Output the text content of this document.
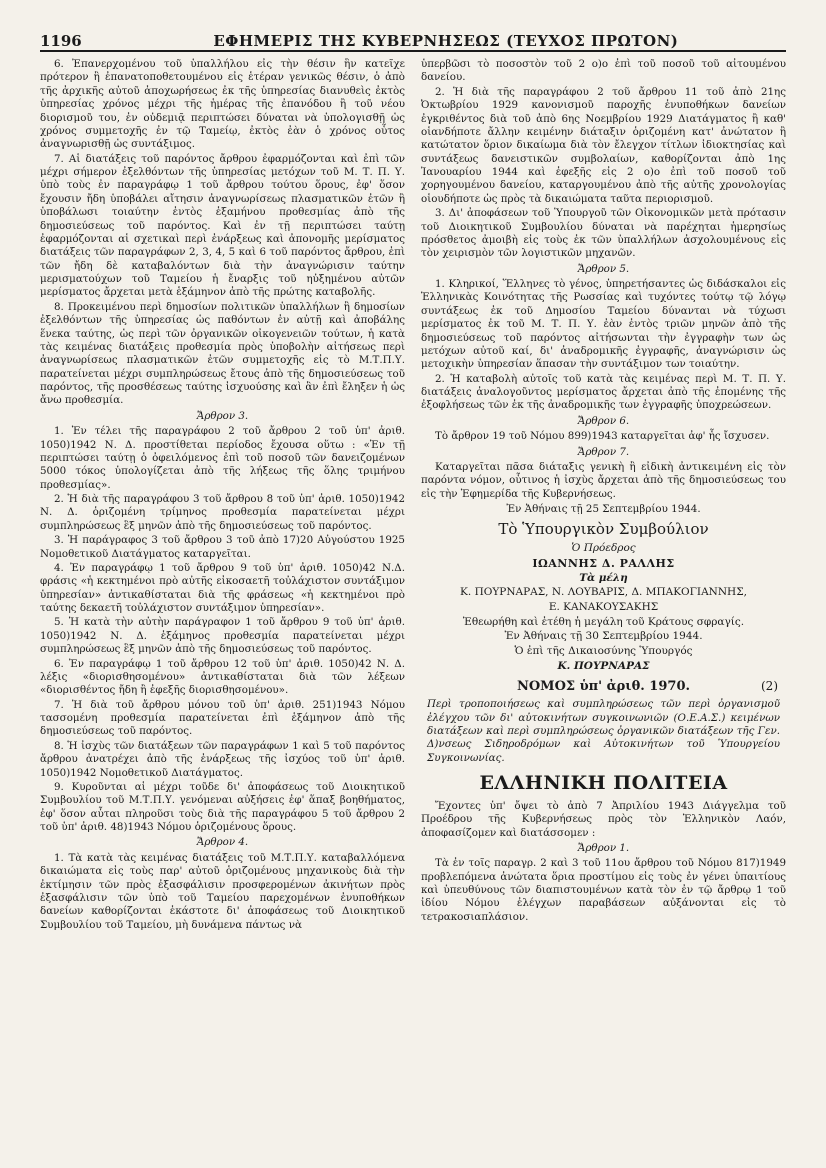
1196	ΕΦΗΜΕΡΙΣ ΤΗΣ ΚΥΒΕΡΝΗΣΕΩΣ (ΤΕΥΧΟΣ ΠΡΩΤΟΝ)

6. Ἐπανερχομένου τοῦ ὑπαλλήλου εἰς τὴν θέσιν ἣν κατεῖχε πρότερον ἢ ἐπανατοποθετουμένου εἰς ἑτέραν γενικῶς θέσιν, ὁ ἀπὸ τῆς ἀρχικῆς αὐτοῦ ἀποχωρήσεως ἐκ τῆς ὑπηρεσίας διανυθεὶς ἐκτὸς ὑπηρεσίας χρόνος μέχρι τῆς ἡμέρας τῆς ἐπανόδου ἢ τοῦ νέου διορισμοῦ του, ἐν οὐδεμιᾷ περιπτώσει δύναται νὰ ὑπολογισθῇ ὡς χρόνος συμμετοχῆς ἐν τῷ Ταμείῳ, ἐκτὸς ἐὰν ὁ χρόνος οὗτος ἀναγνωρισθῇ ὡς συντάξιμος.

7. Αἱ διατάξεις τοῦ παρόντος ἄρθρου ἐφαρμόζονται καὶ ἐπὶ τῶν μέχρι σήμερον ἐξελθόντων τῆς ὑπηρεσίας μετόχων τοῦ Μ. Τ. Π. Υ. ὑπὸ τοὺς ἐν παραγράφῳ 1 τοῦ ἄρθρου τούτου ὅρους, ἐφ' ὅσον ἔχουσιν ἤδη ὑποβάλει αἴτησιν ἀναγνωρίσεως πλασματικῶν ἐτῶν ἢ ὑποβάλωσι τοιαύτην ἐντὸς ἑξαμήνου προθεσμίας ἀπὸ τῆς δημοσιεύσεως τοῦ παρόντος. Καὶ ἐν τῇ περιπτώσει ταύτῃ ἐφαρμόζονται αἱ σχετικαὶ περὶ ἐνάρξεως καὶ ἀπονομῆς μερίσματος διατάξεις τῶν παραγράφων 2, 3, 4, 5 καὶ 6 τοῦ παρόντος ἄρθρου, ἐπὶ τῶν ἤδη δὲ καταβαλόντων διὰ τὴν ἀναγνώρισιν ταύτην μερισματούχων τοῦ Ταμείου ἡ ἔναρξις τοῦ ηὐξημένου αὐτῶν μερίσματος ἄρχεται μετὰ ἑξάμηνον ἀπὸ τῆς πρώτης καταβολῆς.

8. Προκειμένου περὶ δημοσίων πολιτικῶν ὑπαλλήλων ἢ δημοσίων ἐξελθόντων τῆς ὑπηρεσίας ὡς παθόντων ἐν αὐτῇ καὶ ἀποβάλης ἕνεκα ταύτης, ὡς περὶ τῶν ὀργανικῶν οἰκογενειῶν τούτων, ἡ κατὰ τὰς κειμένας διατάξεις προθεσμία πρὸς ὑποβολὴν αἰτήσεως περὶ ἀναγνωρίσεως πλασματικῶν ἐτῶν συμμετοχῆς εἰς τὸ Μ.Τ.Π.Υ. παρατείνεται μέχρι συμπληρώσεως ἔτους ἀπὸ τῆς δημοσιεύσεως τοῦ παρόντος, τῆς προσθέσεως ταύτης ἰσχυούσης καὶ ἂν ἐπὶ ἔληξεν ἡ ὡς ἄνω προθεσμία.

Ἄρθρον 3.

1. Ἐν τέλει τῆς παραγράφου 2 τοῦ ἄρθρου 2 τοῦ ὑπ' ἀριθ. 1050)1942 Ν. Δ. προστίθεται περίοδος ἔχουσα οὕτω : «Ἐν τῇ περιπτώσει ταύτῃ ὁ ὀφειλόμενος ἐπὶ τοῦ ποσοῦ τῶν δανειζομένων 5000 τόκος ὑπολογίζεται ἀπὸ τῆς λήξεως τῆς ὅλης τριμήνου προθεσμίας».

2. Ἡ διὰ τῆς παραγράφου 3 τοῦ ἄρθρου 8 τοῦ ὑπ' ἀριθ. 1050)1942 Ν. Δ. ὁριζομένη τρίμηνος προθεσμία παρατείνεται μέχρι συμπληρώσεως ἓξ μηνῶν ἀπὸ τῆς δημοσιεύσεως τοῦ παρόντος.

3. Ἡ παράγραφος 3 τοῦ ἄρθρου 3 τοῦ ἀπὸ 17)20 Αὐγούστου 1925 Νομοθετικοῦ Διατάγματος καταργεῖται.

4. Ἐν παραγράφῳ 1 τοῦ ἄρθρου 9 τοῦ ὑπ' ἀριθ. 1050)42 Ν.Δ. φράσις «ἡ κεκτημένοι πρὸ αὐτῆς εἰκοσαετῆ τοὐλάχιστον συντάξιμον ὑπηρεσίαν» ἀντικαθίσταται διὰ τῆς φράσεως «ἡ κεκτημένοι πρὸ ταύτης δεκαετῆ τοὐλάχιστον συντάξιμον ὑπηρεσίαν».

5. Ἡ κατὰ τὴν αὐτὴν παράγραφον 1 τοῦ ἄρθρου 9 τοῦ ὑπ' ἀριθ. 1050)1942 Ν. Δ. ἑξάμηνος προθεσμία παρατείνεται μέχρι συμπληρώσεως ἓξ μηνῶν ἀπὸ τῆς δημοσιεύσεως τοῦ παρόντος.

6. Ἐν παραγράφῳ 1 τοῦ ἄρθρου 12 τοῦ ὑπ' ἀριθ. 1050)42 Ν. Δ. λέξις «διορισθησομένου» ἀντικαθίσταται διὰ τῶν λέξεων «διορισθέντος ἤδη ἢ ἐφεξῆς διορισθησομένου».

7. Ἡ διὰ τοῦ ἄρθρου μόνου τοῦ ὑπ' ἀριθ. 251)1943 Νόμου τασσομένη προθεσμία παρατείνεται ἐπὶ ἑξάμηνον ἀπὸ τῆς δημοσιεύσεως τοῦ παρόντος.

8. Ἡ ἰσχὺς τῶν διατάξεων τῶν παραγράφων 1 καὶ 5 τοῦ παρόντος ἄρθρου ἀνατρέχει ἀπὸ τῆς ἐνάρξεως τῆς ἰσχύος τοῦ ὑπ' ἀριθ. 1050)1942 Νομοθετικοῦ Διατάγματος.

9. Κυροῦνται αἱ μέχρι τοῦδε δι' ἀποφάσεως τοῦ Διοικητικοῦ Συμβουλίου τοῦ Μ.Τ.Π.Υ. γενόμεναι αὐξήσεις ἐφ' ἅπαξ βοηθήματος, ἐφ' ὅσον αὗται πληροῦσι τοὺς διὰ τῆς παραγράφου 5 τοῦ ἄρθρου 2 τοῦ ὑπ' ἀριθ. 48)1943 Νόμου ὁριζομένους ὅρους.

Ἄρθρον 4.

1. Τὰ κατὰ τὰς κειμένας διατάξεις τοῦ Μ.Τ.Π.Υ. καταβαλλόμενα δικαιώματα εἰς τοὺς παρ' αὐτοῦ ὁριζομένους μηχανικοὺς διὰ τὴν ἐκτίμησιν τῶν πρὸς ἐξασφάλισιν προσφερομένων ἀκινήτων πρὸς ἐξασφάλισιν τῶν ὑπὸ τοῦ Ταμείου παρεχομένων ἐνυποθήκων δανείων καθορίζονται ἑκάστοτε δι' ἀποφάσεως τοῦ Διοικητικοῦ Συμβουλίου τοῦ Ταμείου, μὴ δυνάμενα πάντως νὰ

ὑπερβῶσι τὸ ποσοστὸν τοῦ 2 ο)ο ἐπὶ τοῦ ποσοῦ τοῦ αἰτουμένου δανείου.

2. Ἡ διὰ τῆς παραγράφου 2 τοῦ ἄρθρου 11 τοῦ ἀπὸ 21ης Ὀκτωβρίου 1929 κανονισμοῦ παροχῆς ἐνυποθήκων δανείων ἐγκριθέντος διὰ τοῦ ἀπὸ 6ης Νοεμβρίου 1929 Διατάγματος ἢ καθ' οἱανδήποτε ἄλλην κειμένην διάταξιν ὁριζομένη κατ' ἀνώτατον ἢ κατώτατον ὅριον δικαίωμα διὰ τὸν ἔλεγχον τίτλων ἰδιοκτησίας καὶ συντάξεως δανειστικῶν συμβολαίων, καθορίζονται ἀπὸ 1ης Ἰανουαρίου 1944 καὶ ἐφεξῆς εἰς 2 ο)ο ἐπὶ τοῦ ποσοῦ τοῦ χορηγουμένου δανείου, καταργουμένου ἀπὸ τῆς αὐτῆς χρονολογίας οἱουδήποτε ὡς πρὸς τὰ δικαιώματα ταῦτα περιορισμοῦ.

3. Δι' ἀποφάσεων τοῦ Ὑπουργοῦ τῶν Οἰκονομικῶν μετὰ πρότασιν τοῦ Διοικητικοῦ Συμβουλίου δύναται νὰ παρέχηται ἡμερησίως πρόσθετος ἀμοιβὴ εἰς τοὺς ἐκ τῶν ὑπαλλήλων ἀσχολουμένους εἰς τὸν χειρισμὸν τῶν λογιστικῶν μηχανῶν.

Ἄρθρον 5.

1. Κληρικοί, Ἕλληνες τὸ γένος, ὑπηρετήσαντες ὡς διδάσκαλοι εἰς Ἑλληνικὰς Κοινότητας τῆς Ρωσσίας καὶ τυχόντες τούτῳ τῷ λόγῳ συντάξεως ἐκ τοῦ Δημοσίου Ταμείου δύνανται νὰ τύχωσι μερίσματος ἐκ τοῦ Μ. Τ. Π. Υ. ἐὰν ἐντὸς τριῶν μηνῶν ἀπὸ τῆς δημοσιεύσεως τοῦ παρόντος αἰτήσωνται τὴν ἐγγραφὴν των ὡς μετόχων αὐτοῦ καί, δι' ἀναδρομικῆς ἐγγραφῆς, ἀναγνώρισιν ὡς μετοχικὴν ὑπηρεσίαν ἅπασαν τὴν συντάξιμον των τοιαύτην.

2. Ἡ καταβολὴ αὐτοῖς τοῦ κατὰ τὰς κειμένας περὶ Μ. Τ. Π. Υ. διατάξεις ἀναλογοῦντος μερίσματος ἄρχεται ἀπὸ τῆς ἐπομένης τῆς ἐξοφλήσεως τῶν ἐκ τῆς ἀναδρομικῆς των ἐγγραφῆς ὑποχρεώσεων.

Ἄρθρον 6.

Τὸ ἄρθρον 19 τοῦ Νόμου 899)1943 καταργεῖται ἀφ' ἧς ἴσχυσεν.

Ἄρθρον 7.

Καταργεῖται πᾶσα διάταξις γενικὴ ἢ εἰδικὴ ἀντικειμένη εἰς τὸν παρόντα νόμον, οὗτινος ἡ ἰσχὺς ἄρχεται ἀπὸ τῆς δημοσιεύσεως του εἰς τὴν Ἐφημερίδα τῆς Κυβερνήσεως.

Ἐν Ἀθήναις τῇ 25 Σεπτεμβρίου 1944.
Τὸ Ὑπουργικὸν Συμβούλιον
Ὁ Πρόεδρος
ΙΩΑΝΝΗΣ Δ. ΡΑΛΛΗΣ
Τὰ μέλη
Κ. ΠΟΥΡΝΑΡΑΣ, Ν. ΛΟΥΒΑΡΙΣ, Δ. ΜΠΑΚΟΓΙΑΝΝΗΣ,
Ε. ΚΑΝΑΚΟΥΣΑΚΗΣ
Ἐθεωρήθη καὶ ἐτέθη ἡ μεγάλη τοῦ Κράτους σφραγίς.
Ἐν Ἀθήναις τῇ 30 Σεπτεμβρίου 1944.
Ὁ ἐπὶ τῆς Δικαιοσύνης Ὑπουργός
Κ. ΠΟΥΡΝΑΡΑΣ
ΝΟΜΟΣ ὑπ' ἀριθ. 1970.	(2)
Περὶ τροποποιήσεως καὶ συμπληρώσεως τῶν περὶ ὀργανισμοῦ ἐλέγχου τῶν δι' αὐτοκινήτων συγκοινωνιῶν (Ο.Ε.Α.Σ.) κειμένων διατάξεων καὶ περὶ συμπληρώσεως ὀργανικῶν διατάξεων τῆς Γεν. Δ)νσεως Σιδηροδρόμων καὶ Αὐτοκινήτων τοῦ Ὑπουργείου Συγκοινωνίας.
ΕΛΛΗΝΙΚΗ ΠΟΛΙΤΕΙΑ

Ἔχοντες ὑπ' ὄψει τὸ ἀπὸ 7 Ἀπριλίου 1943 Διάγγελμα τοῦ Προέδρου τῆς Κυβερνήσεως πρὸς τὸν Ἑλληνικὸν Λαόν, ἀποφασίζομεν καὶ διατάσσομεν :

Ἄρθρον 1.

Τὰ ἐν τοῖς παραγρ. 2 καὶ 3 τοῦ 11ου ἄρθρου τοῦ Νόμου 817)1949 προβλεπόμενα ἀνώτατα ὅρια προστίμου εἰς τοὺς ἐν γένει ὑπαιτίους καὶ ὑπευθύνους τῶν διαπιστουμένων κατὰ τὸν ἐν τῷ ἄρθρῳ 1 τοῦ ἰδίου Νόμου ἐλέγχων παραβάσεων αὐξάνονται εἰς τὸ τετρακοσιαπλάσιον.
